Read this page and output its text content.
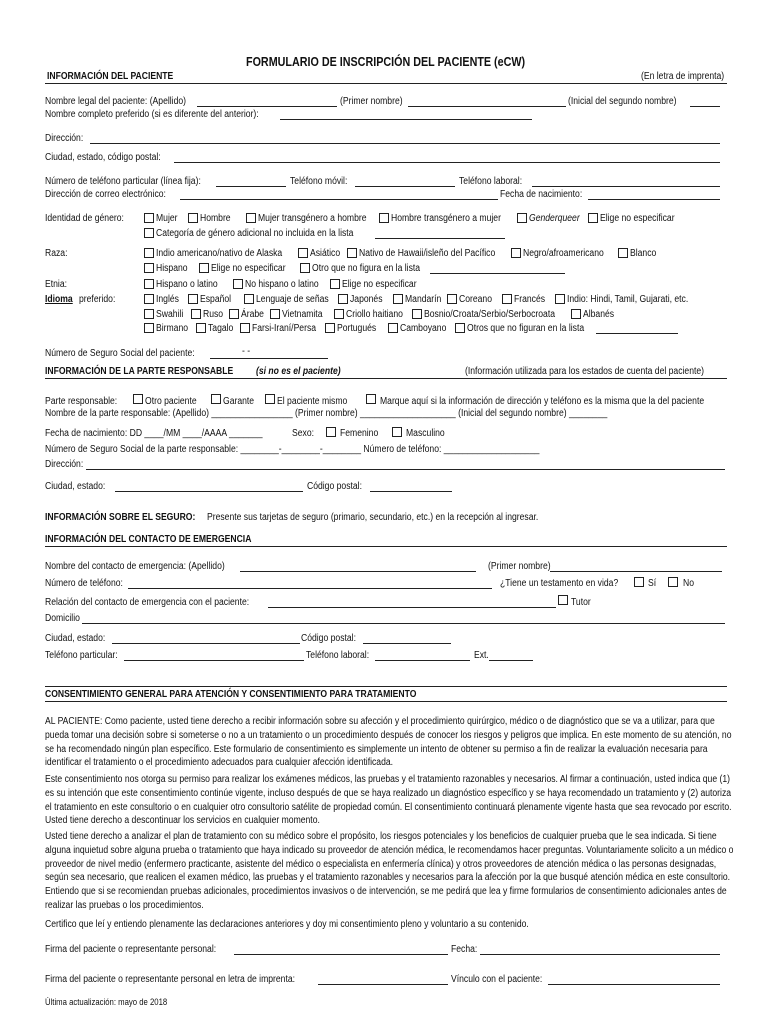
FORMULARIO DE INSCRIPCIÓN DEL PACIENTE (eCW)
INFORMACIÓN DEL PACIENTE	(En letra de imprenta)
Nombre legal del paciente: (Apellido)	(Primer nombre)	(Inicial del segundo nombre)
Nombre completo preferido (si es diferente del anterior):
Dirección:
Ciudad, estado, código postal:
Número de teléfono particular (línea fija):	Teléfono móvil:	Teléfono laboral:
Dirección de correo electrónico:	Fecha de nacimiento:
Identidad de género:	Mujer Hombre	Mujer transgénero a hombre Hombre transgénero a mujer	Genderqueer Elige no especificar
Categoría de género adicional no incluida en la lista
Raza:	Indio americano/nativo de Alaska	Asiático Nativo de Hawaii/isleño del Pacífico	Negro/afroamericano	Blanco
Hispano Elige no especificar	Otro que no figura en la lista
Etnia:	Hispano o latino	No hispano o latino Elige no especificar
Idioma preferido:	Inglés Español Lenguaje de señas Japonés Mandarín Coreano Francés Indio: Hindi, Tamil, Gujarati, etc.
Swahili Ruso Árabe Vietnamita Criollo haitiano Bosnio/Croata/Serbio/Serbocroata	Albanés
Birmano Tagalo Farsi-Iraní/Persa Portugués Camboyano Otros que no figuran en la lista
Número de Seguro Social del paciente:	- -
INFORMACIÓN DE LA PARTE RESPONSABLE (si no es el paciente)	(Información utilizada para los estados de cuenta del paciente)
Parte responsable:	Otro paciente	Garante El paciente mismo	Marque aquí si la información de dirección y teléfono es la misma que la del paciente
Nombre de la parte responsable: (Apellido) _________________ (Primer nombre) ____________________ (Inicial del segundo nombre) ________
Fecha de nacimiento: DD ____/MM ____/AAAA _______	Sexo:	Femenino	Masculino
Número de Seguro Social de la parte responsable: ________-________-________ Número de teléfono: ____________________
Dirección:
Ciudad, estado:	Código postal:
INFORMACIÓN SOBRE EL SEGURO: Presente sus tarjetas de seguro (primario, secundario, etc.) en la recepción al ingresar.
INFORMACIÓN DEL CONTACTO DE EMERGENCIA
Nombre del contacto de emergencia: (Apellido)	(Primer nombre)
Número de teléfono:	¿Tiene un testamento en vida?	Sí	No
Relación del contacto de emergencia con el paciente:	Tutor
Domicilio
Ciudad, estado:	Código postal:
Teléfono particular:	Teléfono laboral:	Ext.
CONSENTIMIENTO GENERAL PARA ATENCIÓN Y CONSENTIMIENTO PARA TRATAMIENTO
AL PACIENTE: Como paciente, usted tiene derecho a recibir información sobre su afección y el procedimiento quirúrgico, médico o de diagnóstico que se va a utilizar, para que pueda tomar una decisión sobre si someterse o no a un tratamiento o un procedimiento después de conocer los riesgos y peligros que implica. En este momento de su atención, no se ha recomendado ningún plan específico. Este formulario de consentimiento es simplemente un intento de obtener su permiso a fin de realizar la evaluación necesaria para identificar el tratamiento o el procedimiento adecuados para cualquier afección identificada.
Este consentimiento nos otorga su permiso para realizar los exámenes médicos, las pruebas y el tratamiento razonables y necesarios. Al firmar a continuación, usted indica que (1) es su intención que este consentimiento continúe vigente, incluso después de que se haya realizado un diagnóstico específico y se haya recomendado un tratamiento y (2) autoriza el tratamiento en este consultorio o en cualquier otro consultorio satélite de propiedad común. El consentimiento continuará plenamente vigente hasta que sea revocado por escrito. Usted tiene derecho a descontinuar los servicios en cualquier momento.
Usted tiene derecho a analizar el plan de tratamiento con su médico sobre el propósito, los riesgos potenciales y los beneficios de cualquier prueba que le sea indicada. Si tiene alguna inquietud sobre alguna prueba o tratamiento que haya indicado su proveedor de atención médica, le recomendamos hacer preguntas. Voluntariamente solicito a un médico o proveedor de nivel medio (enfermero practicante, asistente del médico o especialista en enfermería clínica) y otros proveedores de atención médica o las personas designadas, según sea necesario, que realicen el examen médico, las pruebas y el tratamiento razonables y necesarios para la afección por la que busqué atención médica en este consultorio. Entiendo que si se recomiendan pruebas adicionales, procedimientos invasivos o de intervención, se me pedirá que lea y firme formularios de consentimiento adicionales antes de realizar las pruebas o los procedimientos.
Certifico que leí y entiendo plenamente las declaraciones anteriores y doy mi consentimiento pleno y voluntario a su contenido.
Firma del paciente o representante personal:	Fecha:
Firma del paciente o representante personal en letra de imprenta:	Vínculo con el paciente:
Última actualización: mayo de 2018
